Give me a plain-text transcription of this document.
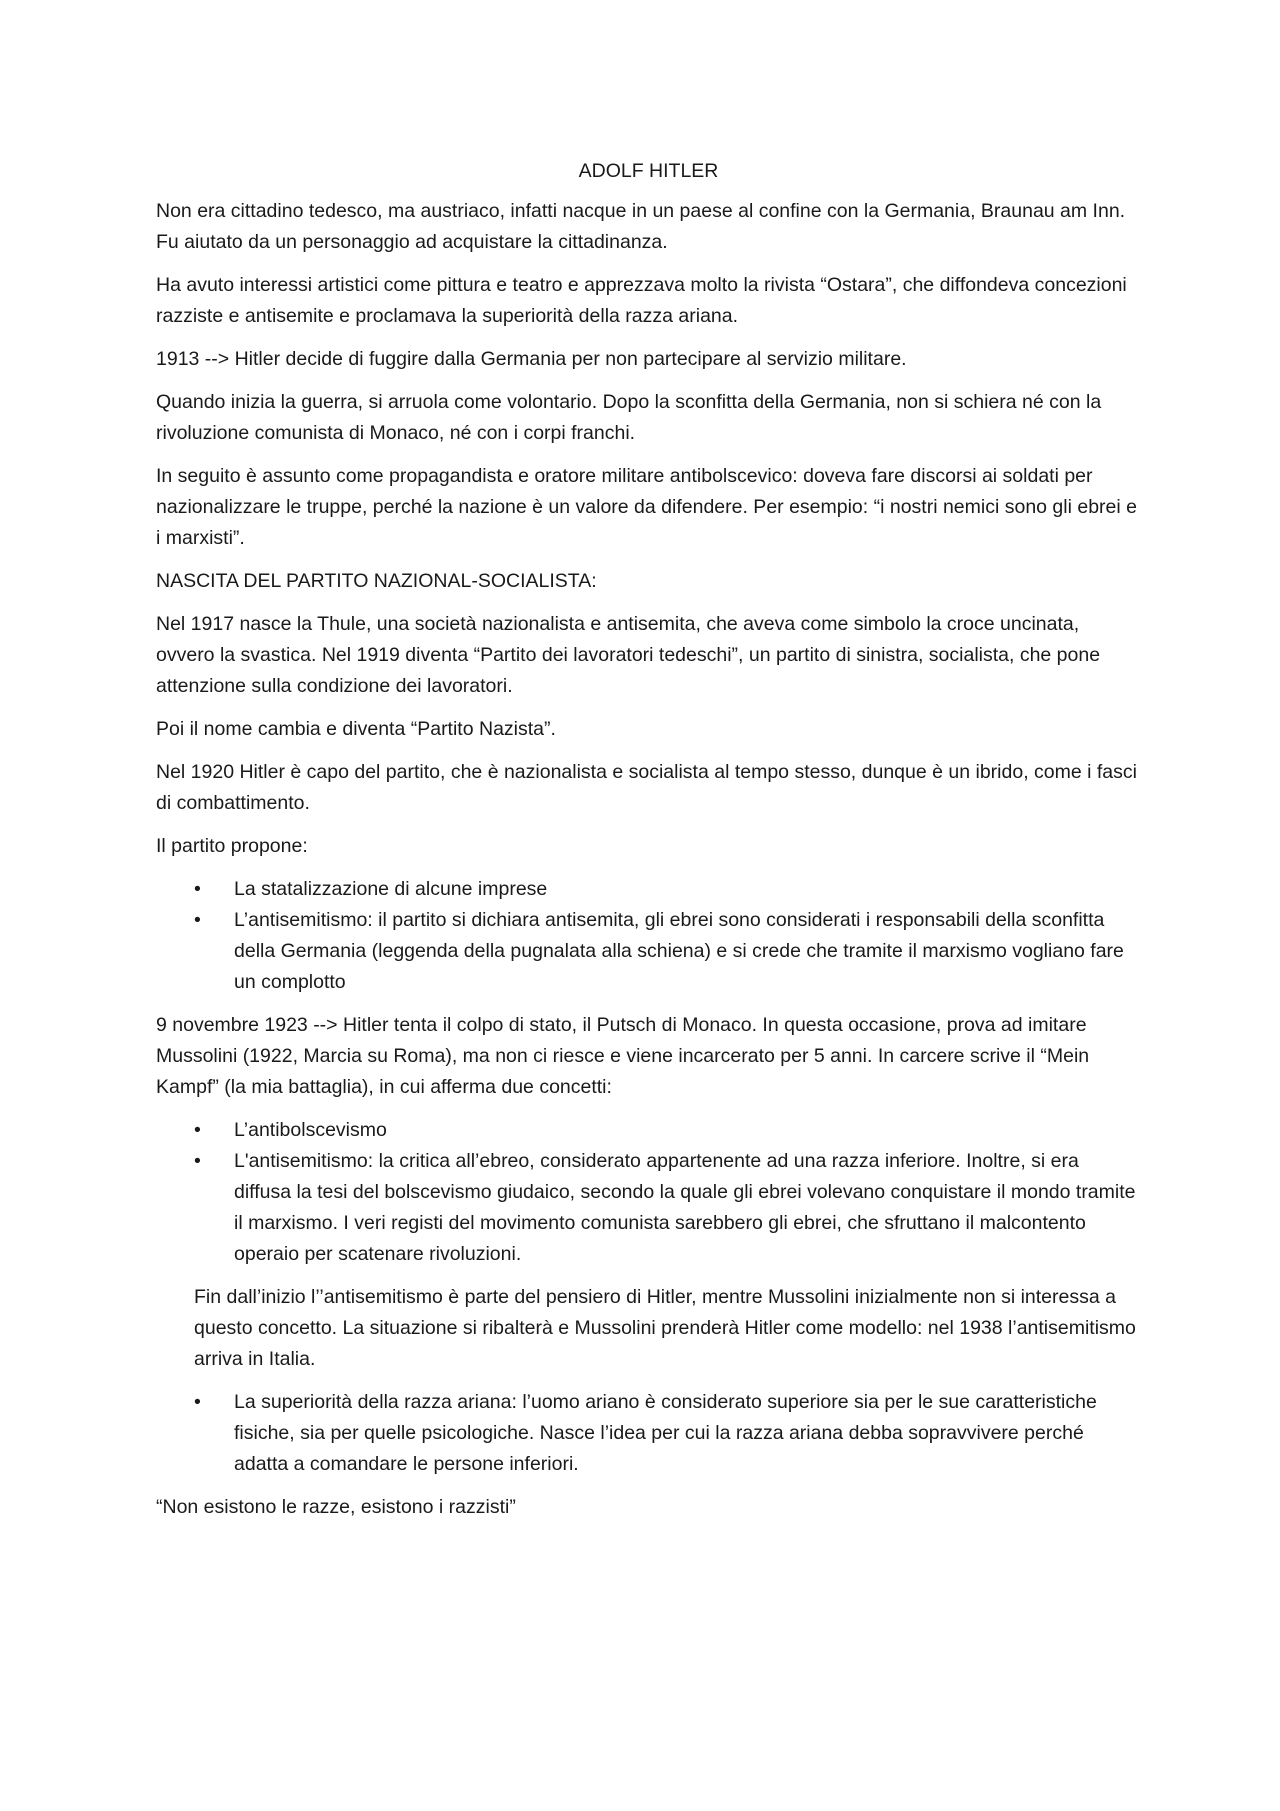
ADOLF HITLER

Non era cittadino tedesco, ma austriaco, infatti nacque in un paese al confine con la Germania, Braunau am Inn. Fu aiutato da un personaggio ad acquistare la cittadinanza.

Ha avuto interessi artistici come pittura e teatro e apprezzava molto la rivista “Ostara”, che diffondeva concezioni razziste e antisemite e proclamava la superiorità della razza ariana.

1913 --> Hitler decide di fuggire dalla Germania per non partecipare al servizio militare.

Quando inizia la guerra, si arruola come volontario. Dopo la sconfitta della Germania, non si schiera né con la rivoluzione comunista di Monaco, né con i corpi franchi.

In seguito è assunto come propagandista e oratore militare antibolscevico: doveva fare discorsi ai soldati per nazionalizzare le truppe, perché la nazione è un valore da difendere. Per esempio: “i nostri nemici sono gli ebrei e i marxisti”.

NASCITA DEL PARTITO NAZIONAL-SOCIALISTA:

Nel 1917 nasce la Thule, una società nazionalista e antisemita, che aveva come simbolo la croce uncinata, ovvero la svastica. Nel 1919 diventa “Partito dei lavoratori tedeschi”, un partito di sinistra, socialista, che pone attenzione sulla condizione dei lavoratori.

Poi il nome cambia e diventa “Partito Nazista”.

Nel 1920 Hitler è capo del partito, che è nazionalista e socialista al tempo stesso, dunque è un ibrido, come i fasci di combattimento.

Il partito propone:

• La statalizzazione di alcune imprese
• L’antisemitismo: il partito si dichiara antisemita, gli ebrei sono considerati i responsabili della sconfitta della Germania (leggenda della pugnalata alla schiena) e si crede che tramite il marxismo vogliano fare un complotto

9 novembre 1923 --> Hitler tenta il colpo di stato, il Putsch di Monaco. In questa occasione, prova ad imitare Mussolini (1922, Marcia su Roma), ma non ci riesce e viene incarcerato per 5 anni. In carcere scrive il “Mein Kampf” (la mia battaglia), in cui afferma due concetti:

• L’antibolscevismo
• L'antisemitismo: la critica all’ebreo, considerato appartenente ad una razza inferiore. Inoltre, si era diffusa la tesi del bolscevismo giudaico, secondo la quale gli ebrei volevano conquistare il mondo tramite il marxismo. I veri registi del movimento comunista sarebbero gli ebrei, che sfruttano il malcontento operaio per scatenare rivoluzioni.

Fin dall’inizio l’’antisemitismo è parte del pensiero di Hitler, mentre Mussolini inizialmente non si interessa a questo concetto. La situazione si ribalterà e Mussolini prenderà Hitler come modello: nel 1938 l’antisemitismo arriva in Italia.

• La superiorità della razza ariana: l’uomo ariano è considerato superiore sia per le sue caratteristiche fisiche, sia per quelle psicologiche. Nasce l’idea per cui la razza ariana debba sopravvivere perché adatta a comandare le persone inferiori.

“Non esistono le razze, esistono i razzisti”
